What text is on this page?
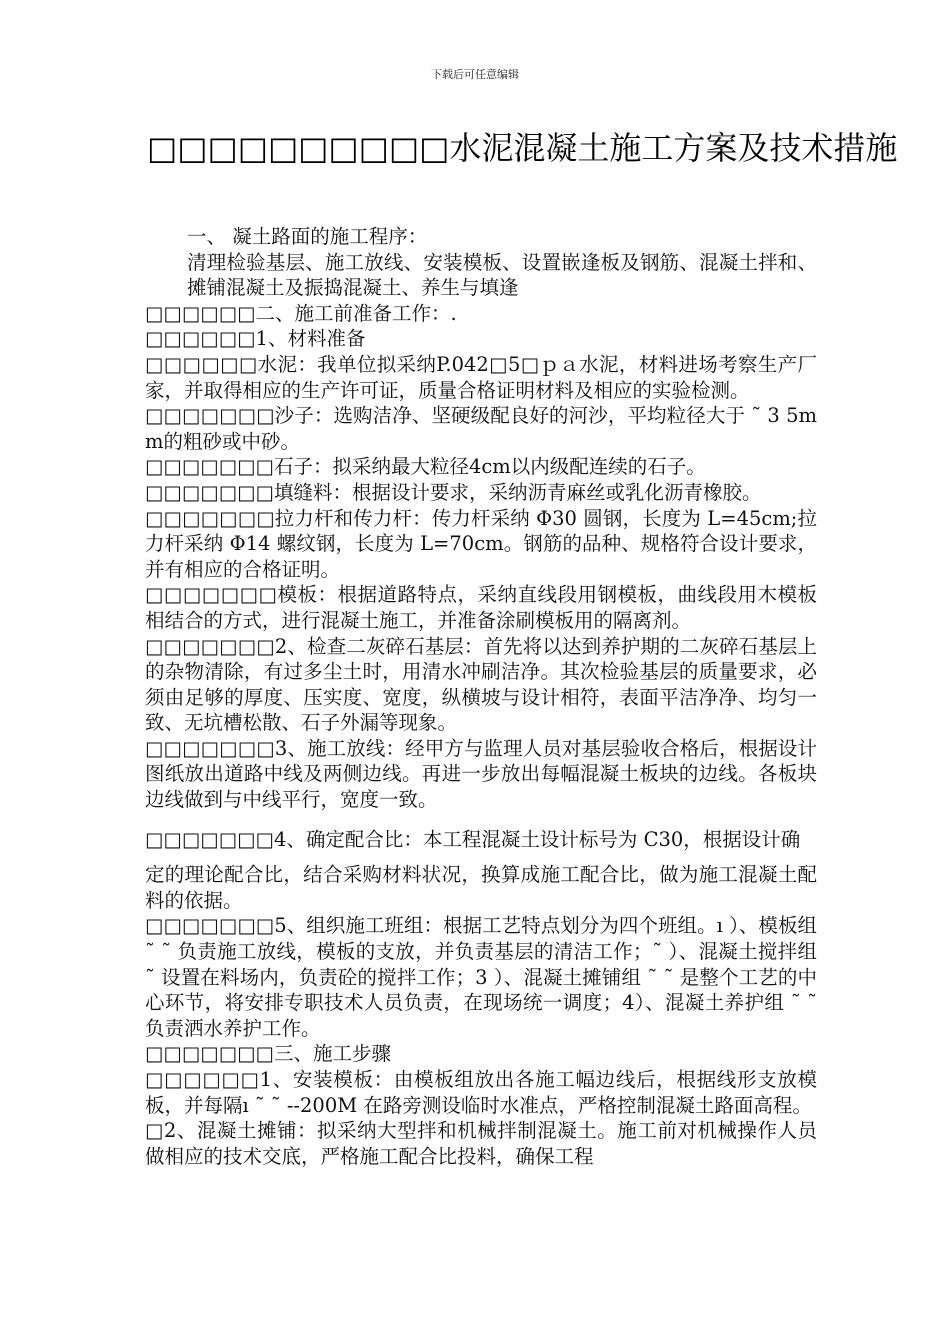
下载后可任意编辑
□□□□□□□□□□水泥混凝土施工方案及技术措施

一、 凝土路面的施工程序：

清理检验基层、施工放线、安装模板、设置嵌逢板及钢筋、混凝土拌和、摊铺混凝土及振捣混凝土、养生与填逢

□□□□□□二、施工前准备工作：.

□□□□□□1、材料准备

□□□□□□水泥：我单位拟采纳P.042□5□ｐａ水泥，材料进场考察生产厂家，并取得相应的生产许可证，质量合格证明材料及相应的实验检测。

□□□□□□□沙子：选购洁净、坚硬级配良好的河沙，平均粒径大于 ˜ 3 5mm的粗砂或中砂。

□□□□□□□石子：拟采纳最大粒径4cm以内级配连续的石子。

□□□□□□□填缝料：根据设计要求，采纳沥青麻丝或乳化沥青橡胶。

□□□□□□□拉力杆和传力杆：传力杆采纳 Φ30 圆钢，长度为 L=45cm;拉力杆采纳 Φ14 螺纹钢，长度为 L=70cm。钢筋的品种、规格符合设计要求，并有相应的合格证明。

□□□□□□□模板：根据道路特点，采纳直线段用钢模板，曲线段用木模板相结合的方式，进行混凝土施工，并准备涂刷模板用的隔离剂。

□□□□□□□2、检查二灰碎石基层：首先将以达到养护期的二灰碎石基层上的杂物清除，有过多尘土时，用清水冲刷洁净。其次检验基层的质量要求，必须由足够的厚度、压实度、宽度，纵横坡与设计相符，表面平洁净净、均匀一致、无坑槽松散、石子外漏等现象。

□□□□□□□3、施工放线：经甲方与监理人员对基层验收合格后，根据设计图纸放出道路中线及两侧边线。再进一步放出每幅混凝土板块的边线。各板块边线做到与中线平行，宽度一致。

□□□□□□□4、确定配合比：本工程混凝土设计标号为 C30，根据设计确

定的理论配合比，结合采购材料状况，换算成施工配合比，做为施工混凝土配料的依据。

□□□□□□□5、组织施工班组：根据工艺特点划分为四个班组。ı ）、模板组 ˜ ˜ 负责施工放线，模板的支放，并负责基层的清洁工作；˜ ）、混凝土搅拌组 ˜ 设置在料场内，负责砼的搅拌工作；3 ）、混凝土摊铺组 ˜ ˜ 是整个工艺的中心环节，将安排专职技术人员负责，在现场统一调度；4）、混凝土养护组 ˜ ˜ 负责洒水养护工作。

□□□□□□□三、施工步骤

□□□□□□1、安装模板：由模板组放出各施工幅边线后，根据线形支放模板，并每隔ı ˜ ˜ --200M 在路旁测设临时水准点，严格控制混凝土路面高程。

□2、混凝土摊铺：拟采纳大型拌和机械拌制混凝土。施工前对机械操作人员做相应的技术交底，严格施工配合比投料，确保工程
